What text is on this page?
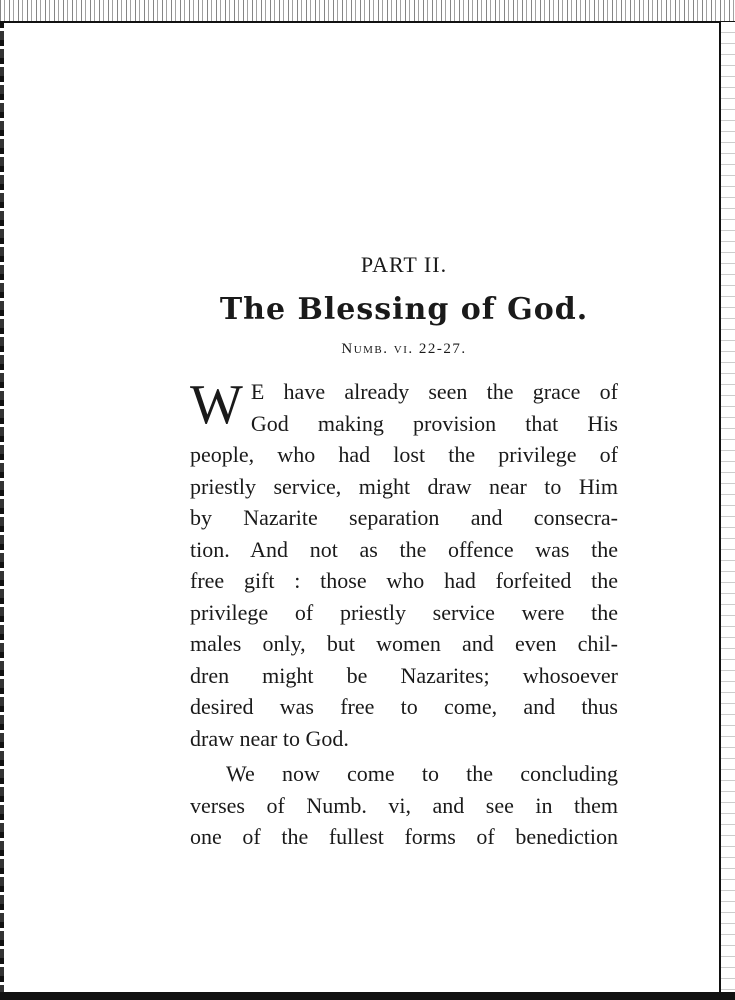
PART II.
The Blessing of God.
Numb. vi. 22-27.
W E have already seen the grace of
God making provision that His
people, who had lost the privilege of
priestly service, might draw near to Him
by Nazarite separation and consecra-
tion. And not as the offence was the
free gift : those who had forfeited the
privilege of priestly service were the
males only, but women and even chil-
dren might be Nazarites; whosoever
desired was free to come, and thus
draw near to God.
We now come to the concluding
verses of Numb. vi, and see in them
one of the fullest forms of benediction
